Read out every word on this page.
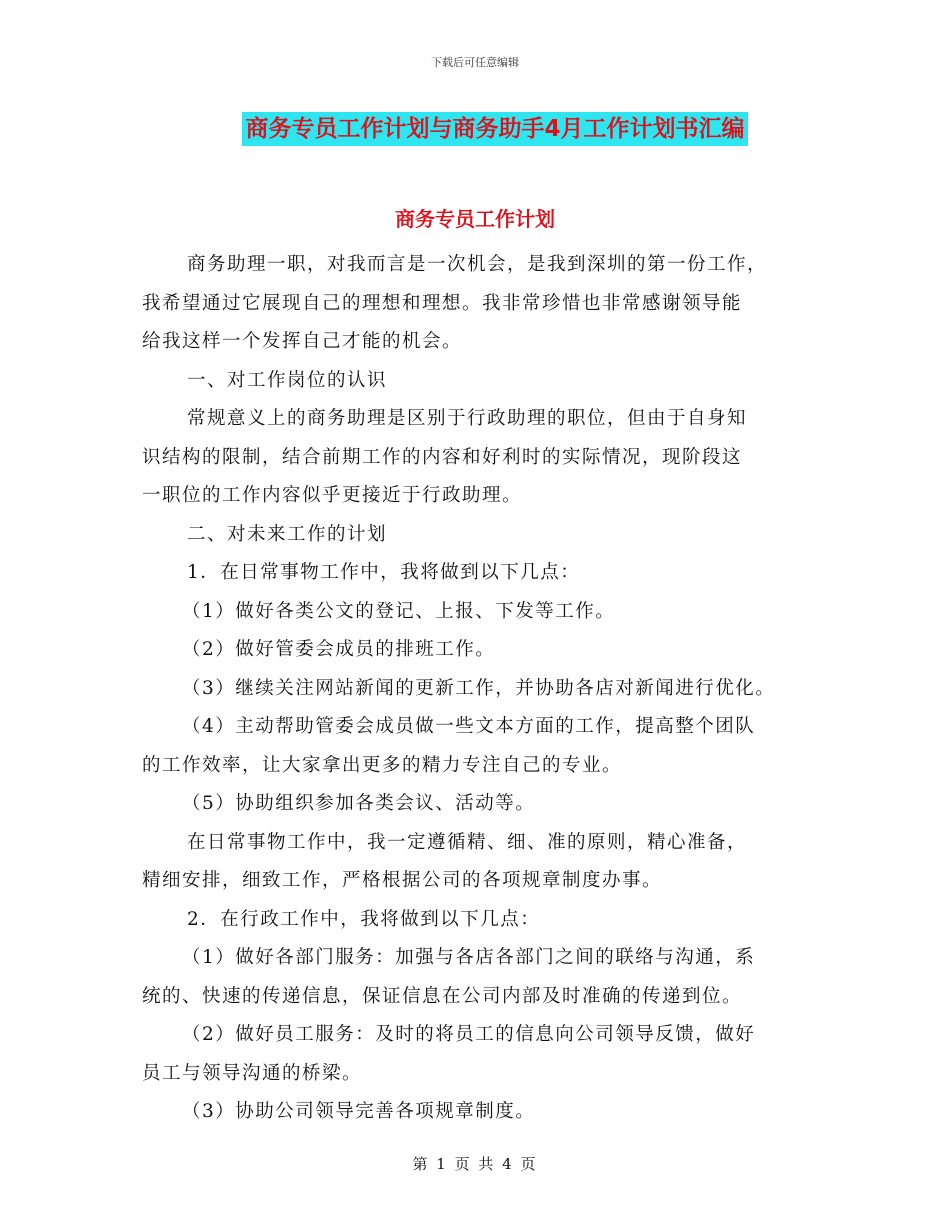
下载后可任意编辑
商务专员工作计划与商务助手4月工作计划书汇编
商务专员工作计划
商务助理一职，对我而言是一次机会，是我到深圳的第一份工作，
我希望通过它展现自己的理想和理想。我非常珍惜也非常感谢领导能
给我这样一个发挥自己才能的机会。
一、对工作岗位的认识
常规意义上的商务助理是区别于行政助理的职位，但由于自身知
识结构的限制，结合前期工作的内容和好利时的实际情况，现阶段这
一职位的工作内容似乎更接近于行政助理。
二、对未来工作的计划
1．在日常事物工作中，我将做到以下几点：
（1）做好各类公文的登记、上报、下发等工作。
（2）做好管委会成员的排班工作。
（3）继续关注网站新闻的更新工作，并协助各店对新闻进行优化。
（4）主动帮助管委会成员做一些文本方面的工作，提高整个团队
的工作效率，让大家拿出更多的精力专注自己的专业。
（5）协助组织参加各类会议、活动等。
在日常事物工作中，我一定遵循精、细、准的原则，精心准备，
精细安排，细致工作，严格根据公司的各项规章制度办事。
2．在行政工作中，我将做到以下几点：
（1）做好各部门服务：加强与各店各部门之间的联络与沟通，系
统的、快速的传递信息，保证信息在公司内部及时准确的传递到位。
（2）做好员工服务：及时的将员工的信息向公司领导反馈，做好
员工与领导沟通的桥梁。
（3）协助公司领导完善各项规章制度。
第 1 页 共 4 页
